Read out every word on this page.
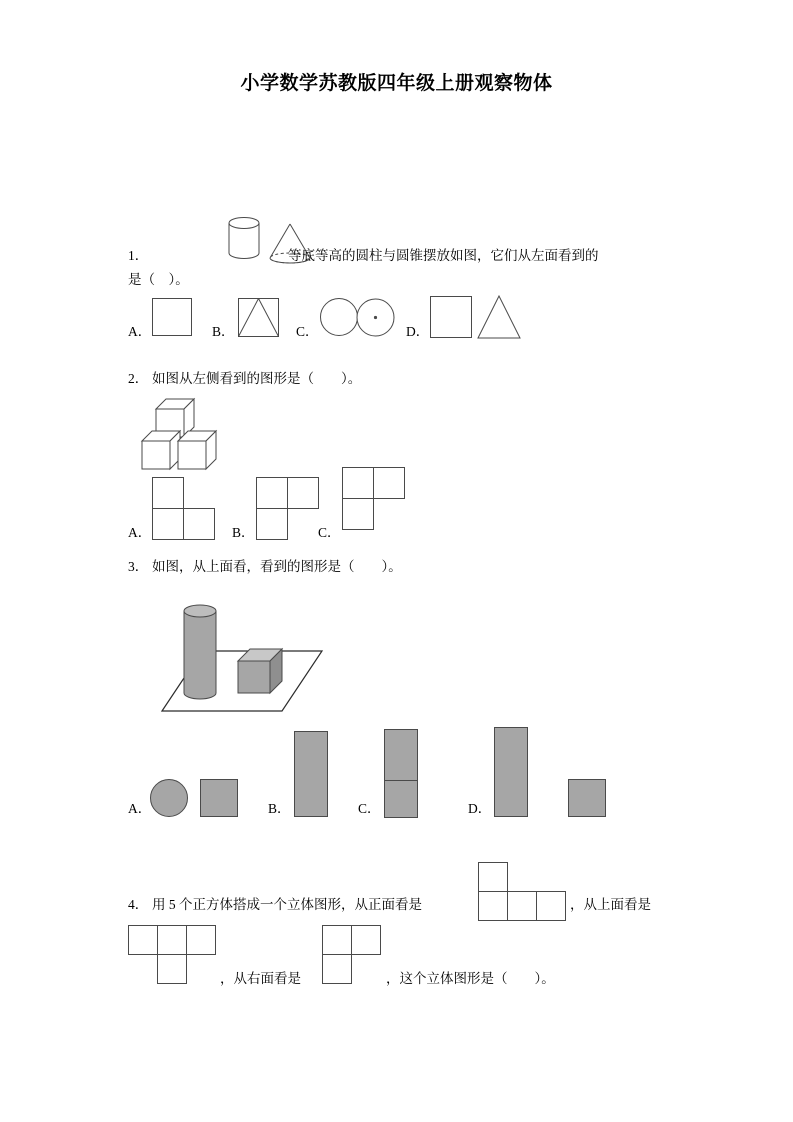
小学数学苏教版四年级上册观察物体
1．	等底等高的圆柱与圆锥摆放如图，它们从左面看到的
是（　）。
A．	B．	C．	D．
2． 如图从左侧看到的图形是（　　）。
A．	B．	C．
3． 如图，从上面看，看到的图形是（　　）。
A．	B．	C．	D．
4． 用 5 个正方体搭成一个立体图形，从正面看是	，从上面看是
，从右面看是	，这个立体图形是（　　）。
